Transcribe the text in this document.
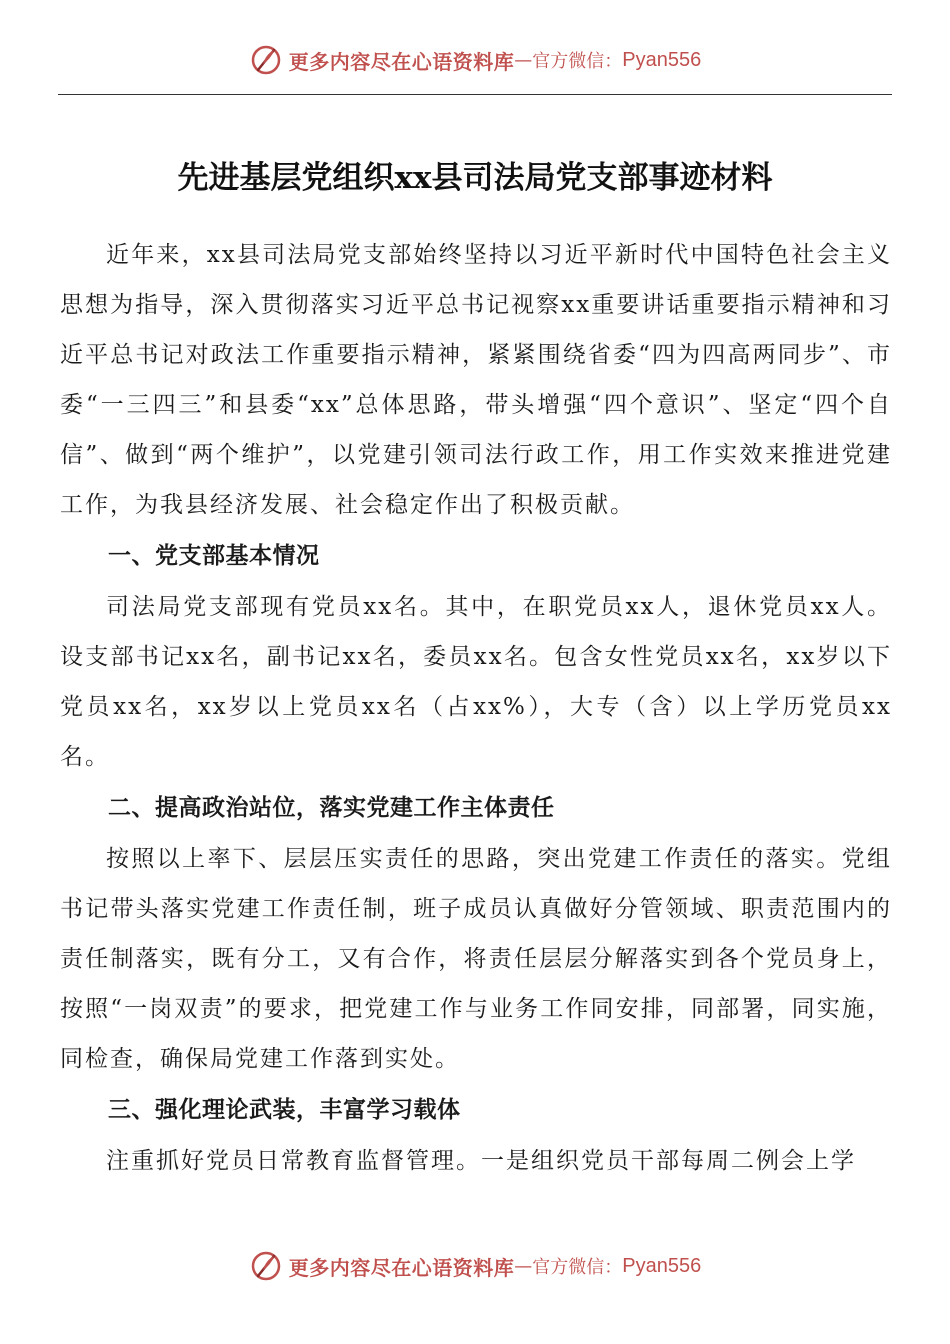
更多内容尽在心语资料库 — 官方微信： Pyan556
先进基层党组织xx县司法局党支部事迹材料

近年来，xx县司法局党支部始终坚持以习近平新时代中国特色社会主义思想为指导，深入贯彻落实习近平总书记视察xx重要讲话重要指示精神和习近平总书记对政法工作重要指示精神，紧紧围绕省委“四为四高两同步”、市委“一三四三”和县委“xx”总体思路，带头增强“四个意识”、坚定“四个自信”、做到“两个维护”，以党建引领司法行政工作，用工作实效来推进党建工作，为我县经济发展、社会稳定作出了积极贡献。

一、党支部基本情况

司法局党支部现有党员xx名。其中，在职党员xx人，退休党员xx人。设支部书记xx名，副书记xx名，委员xx名。包含女性党员xx名，xx岁以下党员xx名，xx岁以上党员xx名（占xx%），大专（含）以上学历党员xx名。

二、提高政治站位，落实党建工作主体责任

按照以上率下、层层压实责任的思路，突出党建工作责任的落实。党组书记带头落实党建工作责任制，班子成员认真做好分管领域、职责范围内的责任制落实，既有分工，又有合作，将责任层层分解落实到各个党员身上，按照“一岗双责”的要求，把党建工作与业务工作同安排，同部署，同实施，同检查，确保局党建工作落到实处。

三、强化理论武装，丰富学习载体

注重抓好党员日常教育监督管理。一是组织党员干部每周二例会上学

更多内容尽在心语资料库 — 官方微信： Pyan556
